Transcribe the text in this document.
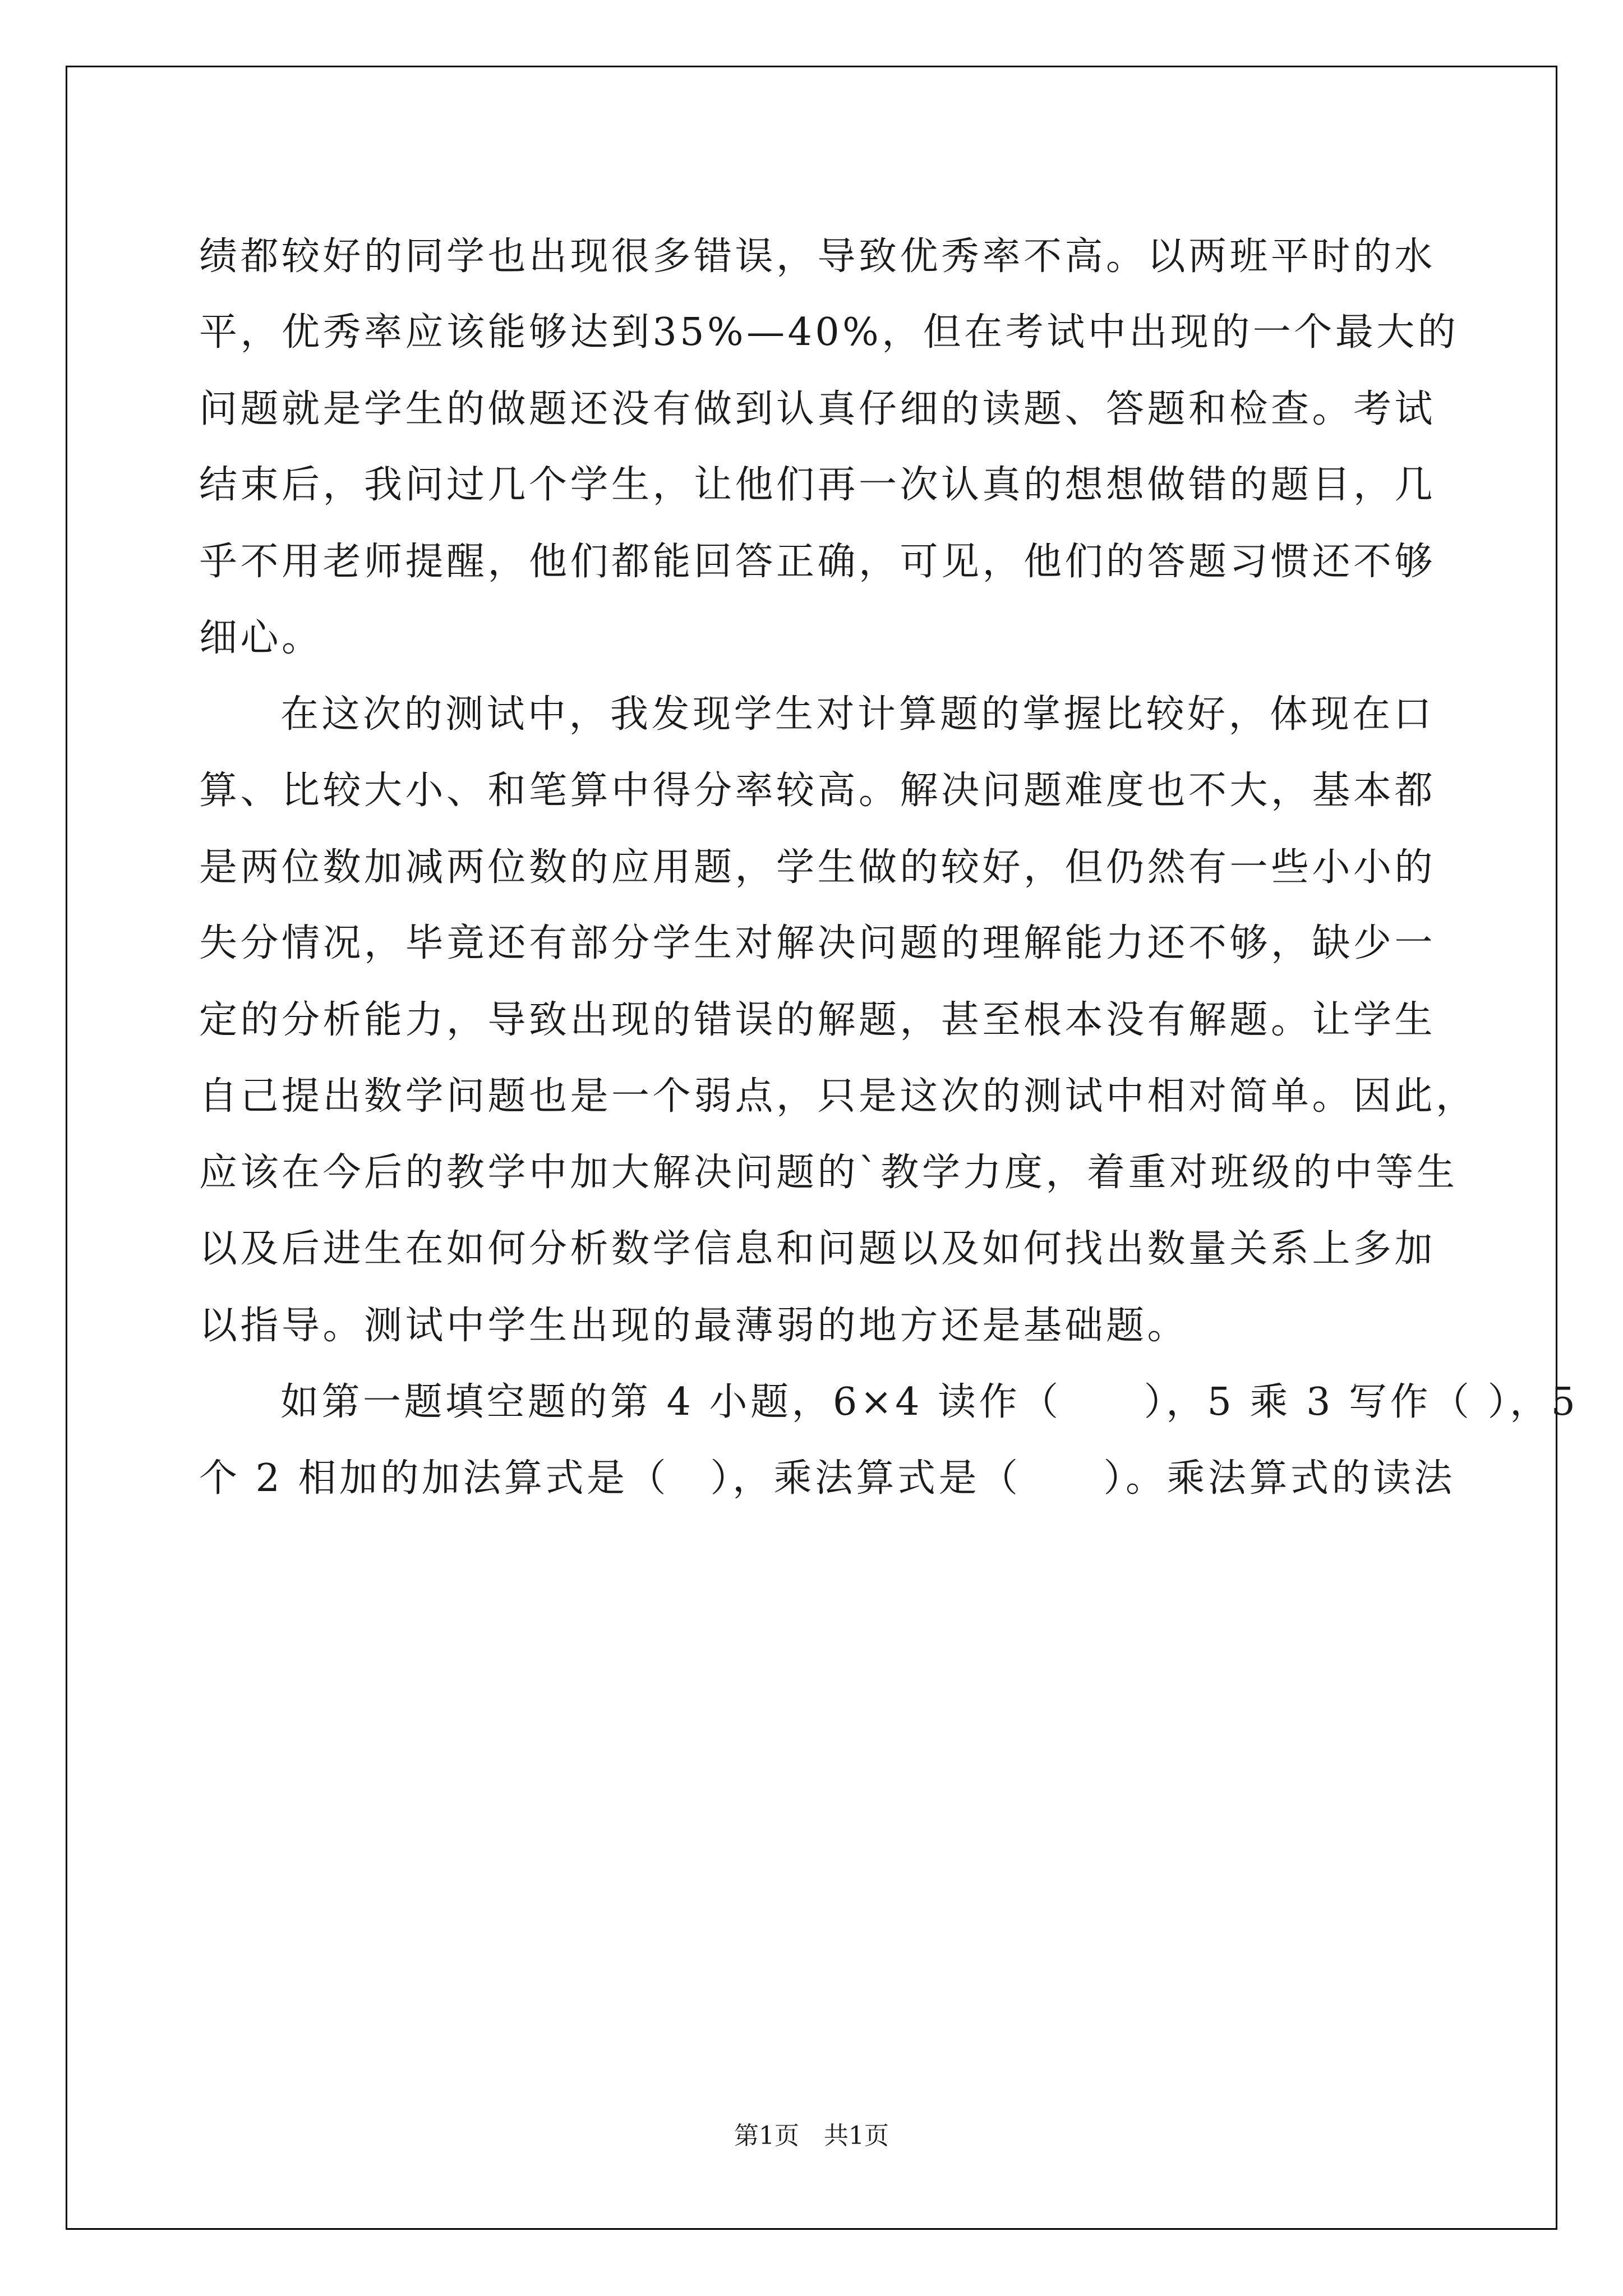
绩都较好的同学也出现很多错误，导致优秀率不高。以两班平时的水
平，优秀率应该能够达到35%—40%，但在考试中出现的一个最大的
问题就是学生的做题还没有做到认真仔细的读题、答题和检查。考试
结束后，我问过几个学生，让他们再一次认真的想想做错的题目，几
乎不用老师提醒，他们都能回答正确，可见，他们的答题习惯还不够
细心。
在这次的测试中，我发现学生对计算题的掌握比较好，体现在口
算、比较大小、和笔算中得分率较高。解决问题难度也不大，基本都
是两位数加减两位数的应用题，学生做的较好，但仍然有一些小小的
失分情况，毕竟还有部分学生对解决问题的理解能力还不够，缺少一
定的分析能力，导致出现的错误的解题，甚至根本没有解题。让学生
自己提出数学问题也是一个弱点，只是这次的测试中相对简单。因此，
应该在今后的教学中加大解决问题的`教学力度，着重对班级的中等生
以及后进生在如何分析数学信息和问题以及如何找出数量关系上多加
以指导。测试中学生出现的最薄弱的地方还是基础题。
如第一题填空题的第 4 小题，6×4 读作（　　），5 乘 3 写作（ ），5
个 2 相加的加法算式是（　），乘法算式是（　　）。乘法算式的读法
第1页　共1页
